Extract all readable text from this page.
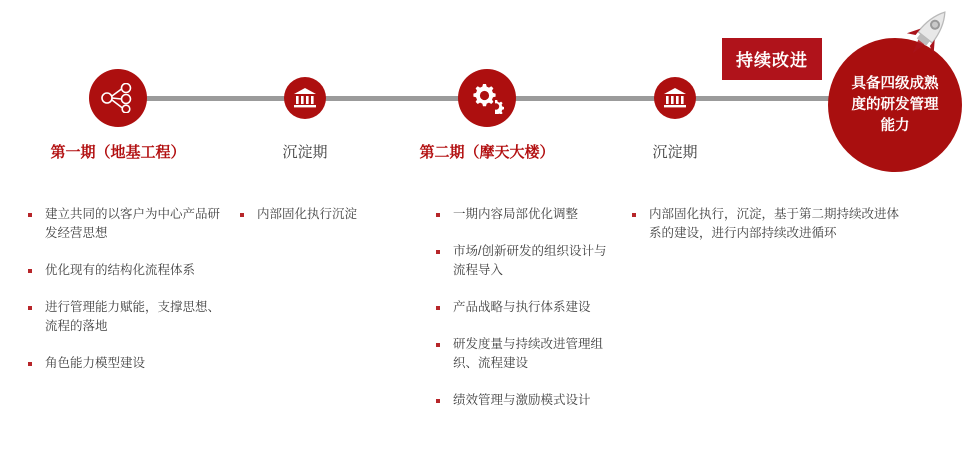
第一期（地基工程）	沉淀期	第二期（摩天大楼）	沉淀期
建立共同的以客户为中心产品研发经营思想
优化现有的结构化流程体系
进行管理能力赋能，支撑思想、流程的落地
角色能力模型建设
内部固化执行沉淀	一期内容局部优化调整
市场/创新研发的组织设计与流程导入
产品战略与执行体系建设
研发度量与持续改进管理组织、流程建设
绩效管理与激励模式设计
内部固化执行，沉淀，基于第二期持续改进体系的建设，进行内部持续改进循环
具备四级成熟度的研发管理能力
持续改进
